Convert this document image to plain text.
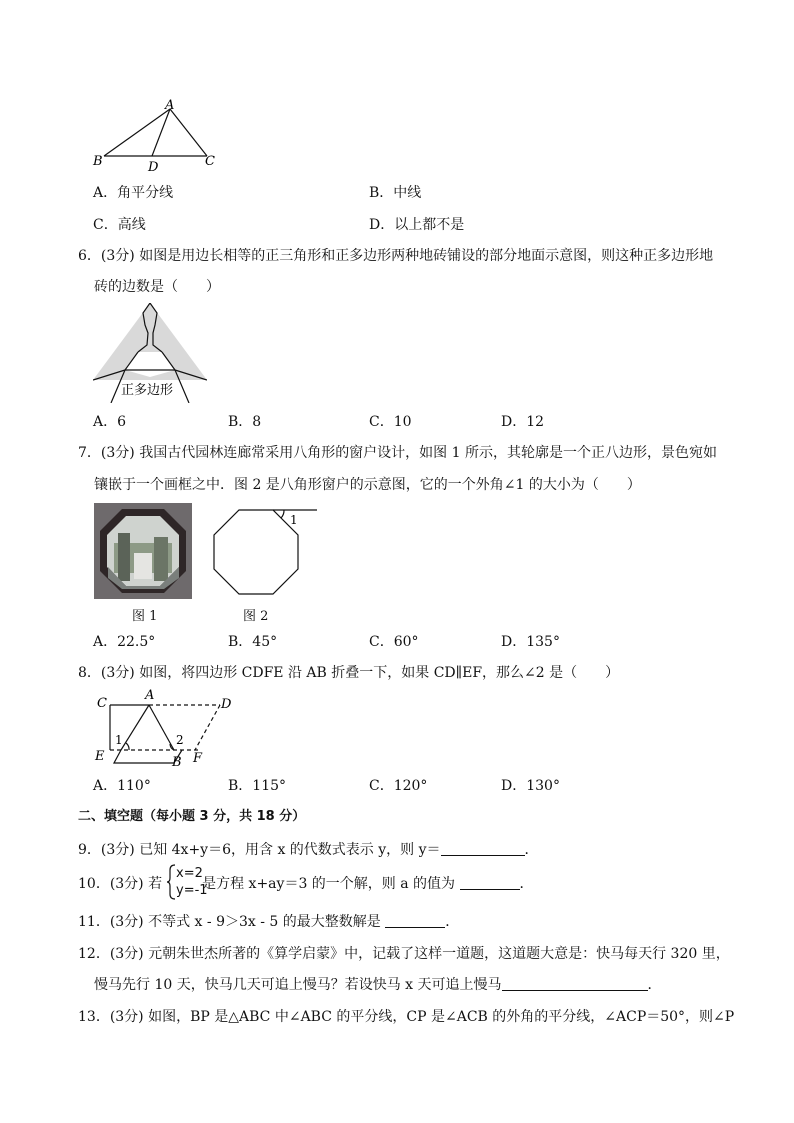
A
B	D	C
A．角平分线	B．中线
C．高线	D．以上都不是
6．(3分) 如图是用边长相等的正三角形和正多边形两种地砖铺设的部分地面示意图，则这种正多边形地
砖的边数是（　　）
正多边形
A．6	B．8	C．10	D．12
7．(3分) 我国古代园林连廊常采用八角形的窗户设计，如图 1 所示，其轮廓是一个正八边形，景色宛如
镶嵌于一个画框之中．图 2 是八角形窗户的示意图，它的一个外角∠1 的大小为（　　）
图 1
1
图 2
A．22.5°	B．45°	C．60°	D．135°
8．(3分) 如图，将四边形 CDFE 沿 AB 折叠一下，如果 CD∥EF，那么∠2 是（　　）
C
A
D
E
1	2
B F
A．110°	B．115°	C．120°	D．130°
二、填空题（每小题 3 分，共 18 分）
9．(3分) 已知 4x+y＝6，用含 x 的代数式表示 y，则 y＝	．
10．(3分) 若	是方程 x+ay＝3 的一个解，则 a 的值为	．
x=2
y=-1
11．(3分) 不等式 x - 9＞3x - 5 的最大整数解是	．
12．(3分) 元朝朱世杰所著的《算学启蒙》中，记载了这样一道题，这道题大意是：快马每天行 320 里，
慢马先行 10 天，快马几天可追上慢马？若设快马 x 天可追上慢马	．
13．(3分) 如图，BP 是△ABC 中∠ABC 的平分线，CP 是∠ACB 的外角的平分线，∠ACP＝50°，则∠P
